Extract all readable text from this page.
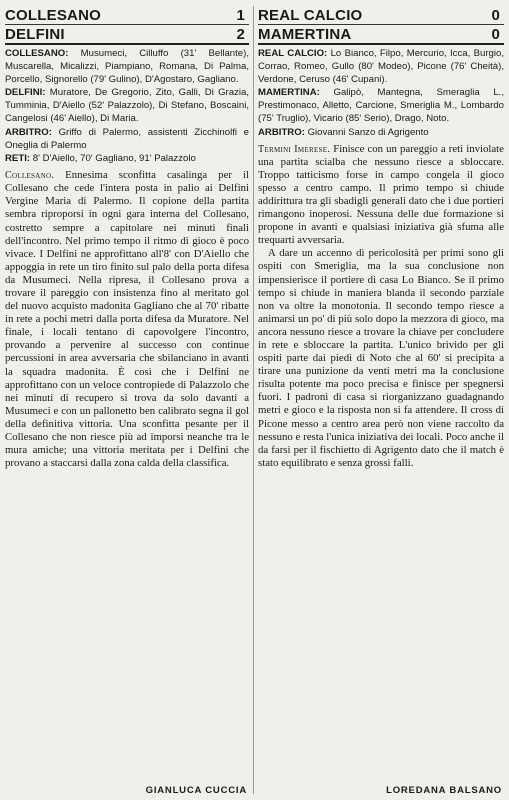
COLLESANO	1
DELFINI	2

COLLESANO: Musumeci, Cilluffo (31' Bellante), Muscarella, Micalizzi, Piampiano, Romana, Di Palma, Porcello, Signorello (79' Gulino), D'Agostaro, Gagliano.

DELFINI: Muratore, De Gregorio, Zito, Galli, Di Grazia, Tumminia, D'Aiello (52' Palazzolo), Di Stefano, Boscaini, Cangelosi (46' Aiello), Di Maria.

ARBITRO: Griffo di Palermo, assistenti Zicchinolfi e Oneglia di Palermo

RETI: 8' D'Aiello, 70' Gagliano, 91' Palazzolo

Collesano. Ennesima sconfitta casalinga per il Collesano che cede l'intera posta in palio ai Delfini Vergine Maria di Palermo. Il copione della partita sembra riproporsi in ogni gara interna del Collesano, costretto sempre a capitolare nei minuti finali dell'incontro. Nel primo tempo il ritmo di gioco è poco vivace. I Delfini ne approfittano all'8' con D'Aiello che appoggia in rete un tiro finito sul palo della porta difesa da Musumeci. Nella ripresa, il Collesano prova a trovare il pareggio con insistenza fino al meritato gol del nuovo acquisto madonita Gagliano che al 70' ribatte in rete a pochi metri dalla porta difesa da Muratore. Nel finale, i locali tentano di capovolgere l'incontro, provando a pervenire al successo con continue percussioni in area avversaria che sbilanciano in avanti la squadra madonita. È così che i Delfini ne approfittano con un veloce contropiede di Palazzolo che nei minuti di recupero si trova da solo davanti a Musumeci e con un pallonetto ben calibrato segna il gol della definitiva vittoria. Una sconfitta pesante per il Collesano che non riesce più ad imporsi neanche tra le mura amiche; una vittoria meritata per i Delfini che provano a staccarsi dalla zona calda della classifica.

GIANLUCA CUCCIA
REAL CALCIO	0
MAMERTINA	0

REAL CALCIO: Lo Bianco, Filpo, Mercurio, Icca, Burgio, Corrao, Romeo, Gullo (80' Modeo), Picone (76' Cheità), Verdone, Ceruso (46' Cupani).

MAMERTINA: Galipò, Mantegna, Smeraglia L., Prestimonaco, Alletto, Carcione, Smeriglia M., Lombardo (75' Truglio), Vicario (85' Serio), Drago, Noto.

ARBITRO: Giovanni Sanzo di Agrigento

Termini Imerese. Finisce con un pareggio a reti inviolate una partita scialba che nessuno riesce a sbloccare. Troppo tatticismo forse in campo congela il gioco spesso a centro campo. Il primo tempo si chiude addirittura tra gli sbadigli generali dato che i due portieri rimangono inoperosi. Nessuna delle due formazione si propone in avanti e qualsiasi iniziativa già sfuma alle trequarti avversaria.

A dare un accenno di pericolosità per primi sono gli ospiti con Smeriglia, ma la sua conclusione non impensierisce il portiere di casa Lo Bianco. Se il primo tempo si chiude in maniera blanda il secondo parziale non va oltre la monotonia. Il secondo tempo riesce a animarsi un po' di più solo dopo la mezzora di gioco, ma ancora nessuno riesce a trovare la chiave per concludere in rete e sbloccare la partita. L'unico brivido per gli ospiti parte dai piedi di Noto che al 60' si precipita a tirare una punizione da venti metri ma la conclusione risulta potente ma poco precisa e finisce per spegnersi fuori. I padroni di casa si riorganizzano guadagnando metri e gioco e la risposta non si fa attendere. Il cross di Picone messo a centro area però non viene raccolto da nessuno e resta l'unica iniziativa dei locali. Poco anche il da farsi per il fischietto di Agrigento dato che il match è stato equilibrato e senza grossi falli.

LOREDANA BALSANO
